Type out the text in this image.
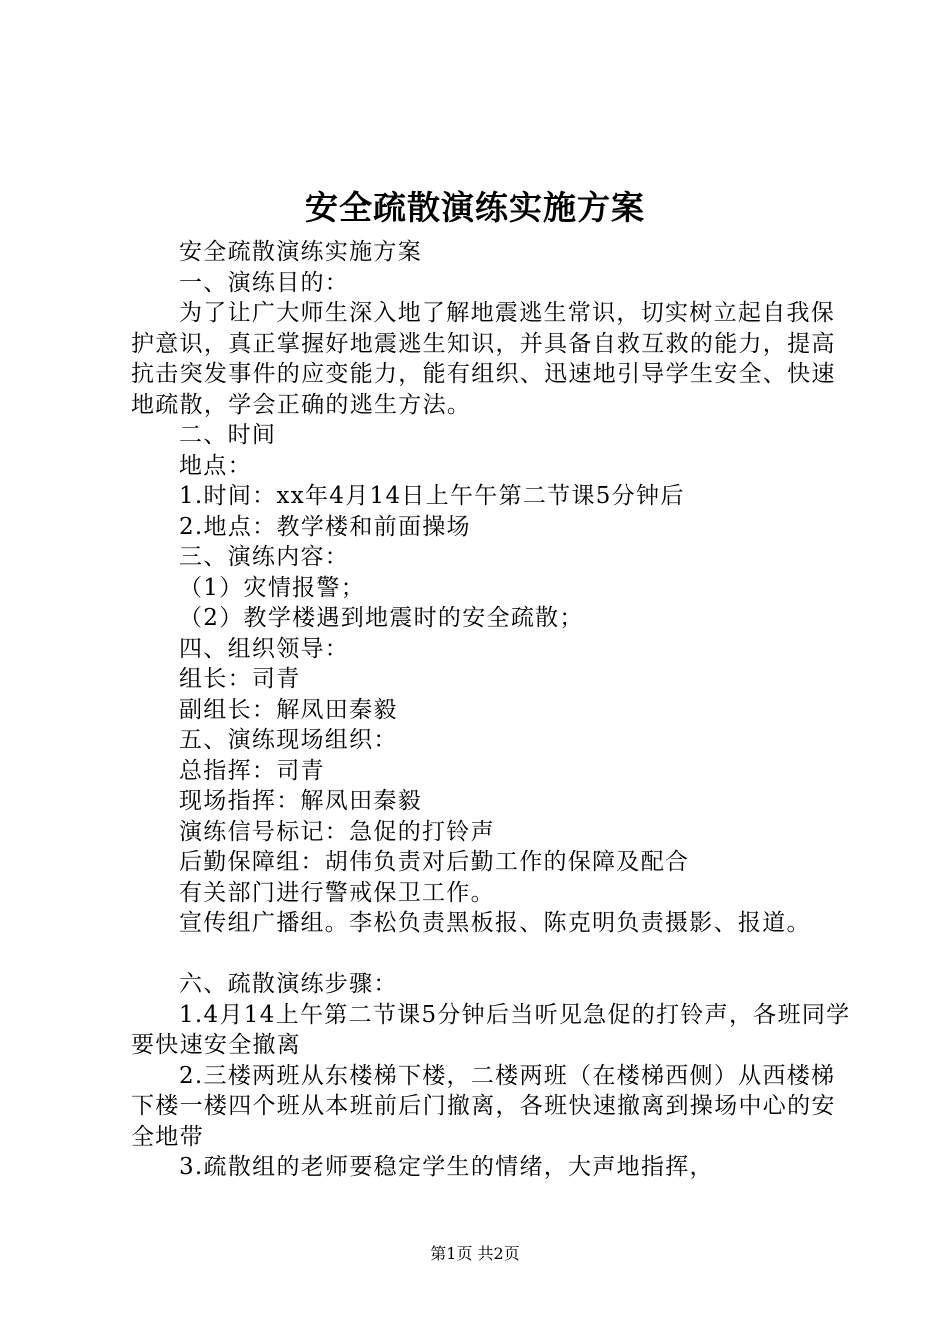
安全疏散演练实施方案
安全疏散演练实施方案
一、演练目的：
为了让广大师生深入地了解地震逃生常识，切实树立起自我保护意识，真正掌握好地震逃生知识，并具备自救互救的能力，提高抗击突发事件的应变能力，能有组织、迅速地引导学生安全、快速地疏散，学会正确的逃生方法。
二、时间
地点：
1.时间：xx年4月14日上午午第二节课5分钟后
2.地点：教学楼和前面操场
三、演练内容：
（1）灾情报警；
（2）教学楼遇到地震时的安全疏散；
四、组织领导：
组长：司青
副组长：解凤田秦毅
五、演练现场组织：
总指挥：司青
现场指挥：解凤田秦毅
演练信号标记：急促的打铃声
后勤保障组：胡伟负责对后勤工作的保障及配合
有关部门进行警戒保卫工作。
宣传组广播组。李松负责黑板报、陈克明负责摄影、报道。
六、疏散演练步骤：
1.4月14上午第二节课5分钟后当听见急促的打铃声，各班同学要快速安全撤离
2.三楼两班从东楼梯下楼，二楼两班（在楼梯西侧）从西楼梯下楼一楼四个班从本班前后门撤离，各班快速撤离到操场中心的安全地带
3.疏散组的老师要稳定学生的情绪，大声地指挥，
第1页 共2页
